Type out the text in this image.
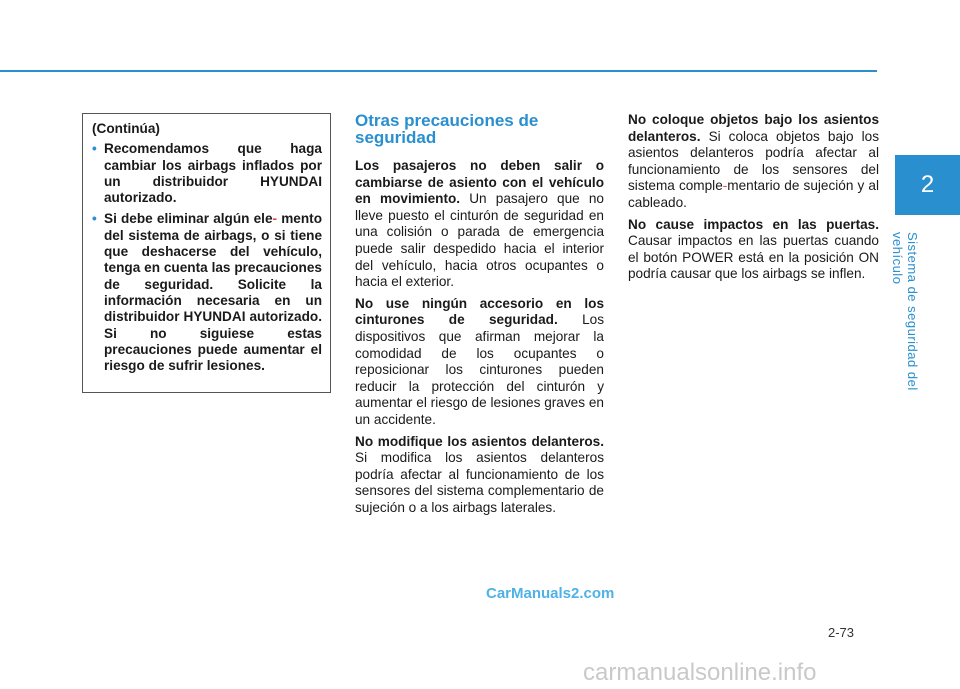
2
Sistema de seguridad del vehículo
(Continúa)
• Recomendamos que haga cambiar los airbags inflados por un distribuidor HYUNDAI autorizado.
• Si debe eliminar algún ele- mento del sistema de airbags, o si tiene que deshacerse del vehículo, tenga en cuenta las precauciones de seguridad. Solicite la información necesaria en un distribuidor HYUNDAI autorizado. Si no siguiese estas precauciones puede aumentar el riesgo de sufrir lesiones.
Otras precauciones de seguridad

Los pasajeros no deben salir o cambiarse de asiento con el vehículo en movimiento. Un pasajero que no lleve puesto el cinturón de seguridad en una colisión o parada de emergencia puede salir despedido hacia el interior del vehículo, hacia otros ocupantes o hacia el exterior.

No use ningún accesorio en los cinturones de seguridad. Los dispositivos que afirman mejorar la comodidad de los ocupantes o reposicionar los cinturones pueden reducir la protección del cinturón y aumentar el riesgo de lesiones graves en un accidente.

No modifique los asientos delanteros. Si modifica los asientos delanteros podría afectar al funcionamiento de los sensores del sistema complementario de sujeción o a los airbags laterales.

No coloque objetos bajo los asientos delanteros. Si coloca objetos bajo los asientos delanteros podría afectar al funcionamiento de los sensores del sistema comple-mentario de sujeción y al cableado.

No cause impactos en las puertas. Causar impactos en las puertas cuando el botón POWER está en la posición ON podría causar que los airbags se inflen.

2-73
CarManuals2.com
carmanualsonline.info
